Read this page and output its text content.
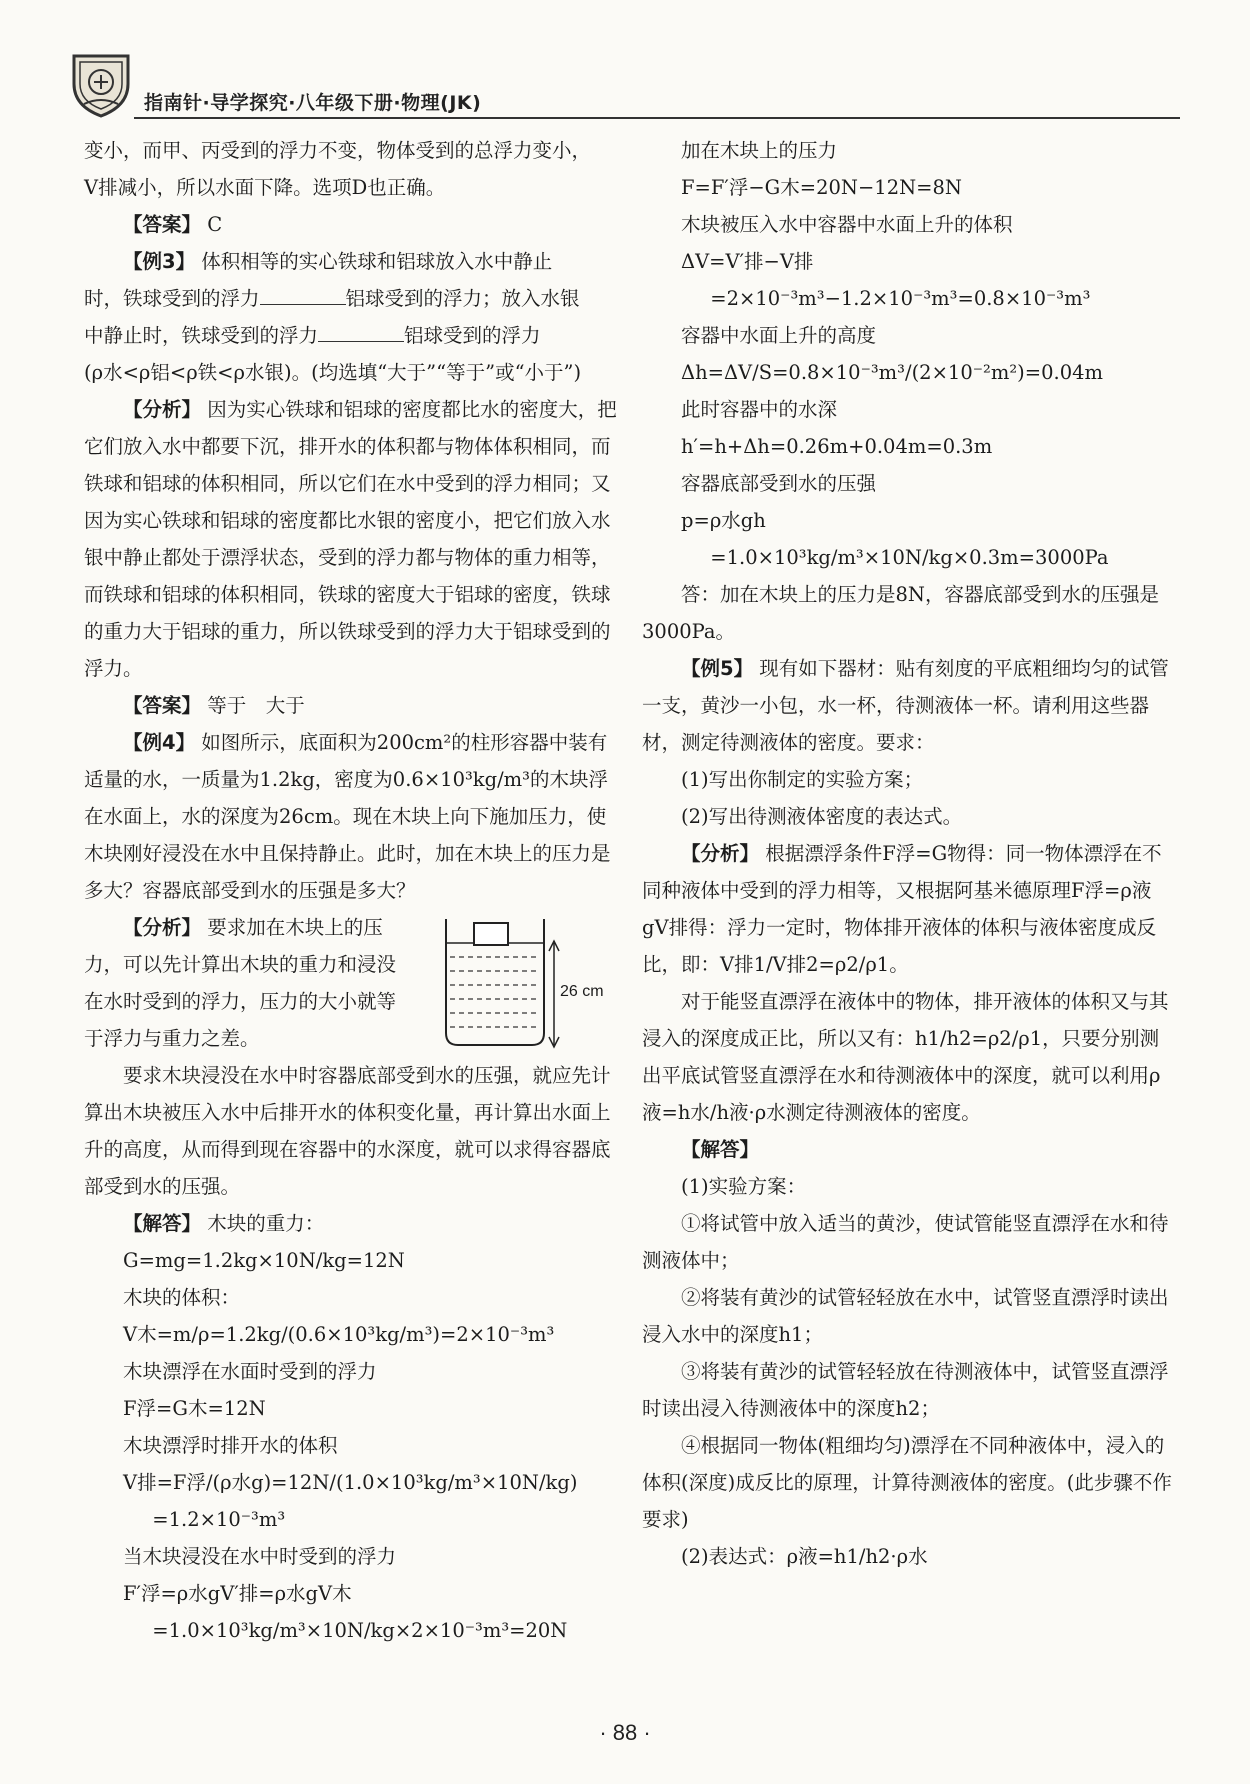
指南针·导学探究·八年级下册·物理(JK)

变小，而甲、丙受到的浮力不变，物体受到的总浮力变小，

V排减小，所以水面下降。选项D也正确。

【答案】 C

【例3】 体积相等的实心铁球和铝球放入水中静止

时，铁球受到的浮力	铝球受到的浮力；放入水银

中静止时，铁球受到的浮力	铝球受到的浮力

(ρ水<ρ铝<ρ铁<ρ水银)。(均选填“大于”“等于”或“小于”)

【分析】 因为实心铁球和铝球的密度都比水的密度大，把它们放入水中都要下沉，排开水的体积都与物体体积相同，而铁球和铝球的体积相同，所以它们在水中受到的浮力相同；又因为实心铁球和铝球的密度都比水银的密度小，把它们放入水银中静止都处于漂浮状态，受到的浮力都与物体的重力相等，而铁球和铝球的体积相同，铁球的密度大于铝球的密度，铁球的重力大于铝球的重力，所以铁球受到的浮力大于铝球受到的浮力。

【答案】 等于　大于

【例4】 如图所示，底面积为200cm²的柱形容器中装有适量的水，一质量为1.2kg，密度为0.6×10³kg/m³的木块浮在水面上，水的深度为26cm。现在木块上向下施加压力，使木块刚好浸没在水中且保持静止。此时，加在木块上的压力是多大？容器底部受到水的压强是多大？

【分析】 要求加在木块上的压力，可以先计算出木块的重力和浸没在水时受到的浮力，压力的大小就等于浮力与重力之差。

26 cm

要求木块浸没在水中时容器底部受到水的压强，就应先计算出木块被压入水中后排开水的体积变化量，再计算出水面上升的高度，从而得到现在容器中的水深度，就可以求得容器底部受到水的压强。

【解答】 木块的重力：

G=mg=1.2kg×10N/kg=12N

木块的体积：

V木=m/ρ=1.2kg/(0.6×10³kg/m³)=2×10⁻³m³

木块漂浮在水面时受到的浮力

F浮=G木=12N

木块漂浮时排开水的体积

V排=F浮/(ρ水g)=12N/(1.0×10³kg/m³×10N/kg)

=1.2×10⁻³m³

当木块浸没在水中时受到的浮力

F′浮=ρ水gV′排=ρ水gV木

=1.0×10³kg/m³×10N/kg×2×10⁻³m³=20N

加在木块上的压力

F=F′浮−G木=20N−12N=8N

木块被压入水中容器中水面上升的体积

ΔV=V′排−V排

=2×10⁻³m³−1.2×10⁻³m³=0.8×10⁻³m³

容器中水面上升的高度

Δh=ΔV/S=0.8×10⁻³m³/(2×10⁻²m²)=0.04m

此时容器中的水深

h′=h+Δh=0.26m+0.04m=0.3m

容器底部受到水的压强

p=ρ水gh

=1.0×10³kg/m³×10N/kg×0.3m=3000Pa

答：加在木块上的压力是8N，容器底部受到水的压强是3000Pa。

【例5】 现有如下器材：贴有刻度的平底粗细均匀的试管一支，黄沙一小包，水一杯，待测液体一杯。请利用这些器材，测定待测液体的密度。要求：

(1)写出你制定的实验方案；

(2)写出待测液体密度的表达式。

【分析】 根据漂浮条件F浮=G物得：同一物体漂浮在不同种液体中受到的浮力相等，又根据阿基米德原理F浮=ρ液gV排得：浮力一定时，物体排开液体的体积与液体密度成反比，即：V排1/V排2=ρ2/ρ1。

对于能竖直漂浮在液体中的物体，排开液体的体积又与其浸入的深度成正比，所以又有：h1/h2=ρ2/ρ1，只要分别测出平底试管竖直漂浮在水和待测液体中的深度，就可以利用ρ液=h水/h液·ρ水测定待测液体的密度。

【解答】

(1)实验方案：

①将试管中放入适当的黄沙，使试管能竖直漂浮在水和待测液体中；

②将装有黄沙的试管轻轻放在水中，试管竖直漂浮时读出浸入水中的深度h1；

③将装有黄沙的试管轻轻放在待测液体中，试管竖直漂浮时读出浸入待测液体中的深度h2；

④根据同一物体(粗细均匀)漂浮在不同种液体中，浸入的体积(深度)成反比的原理，计算待测液体的密度。(此步骤不作要求)

(2)表达式：ρ液=h1/h2·ρ水

· 88 ·
